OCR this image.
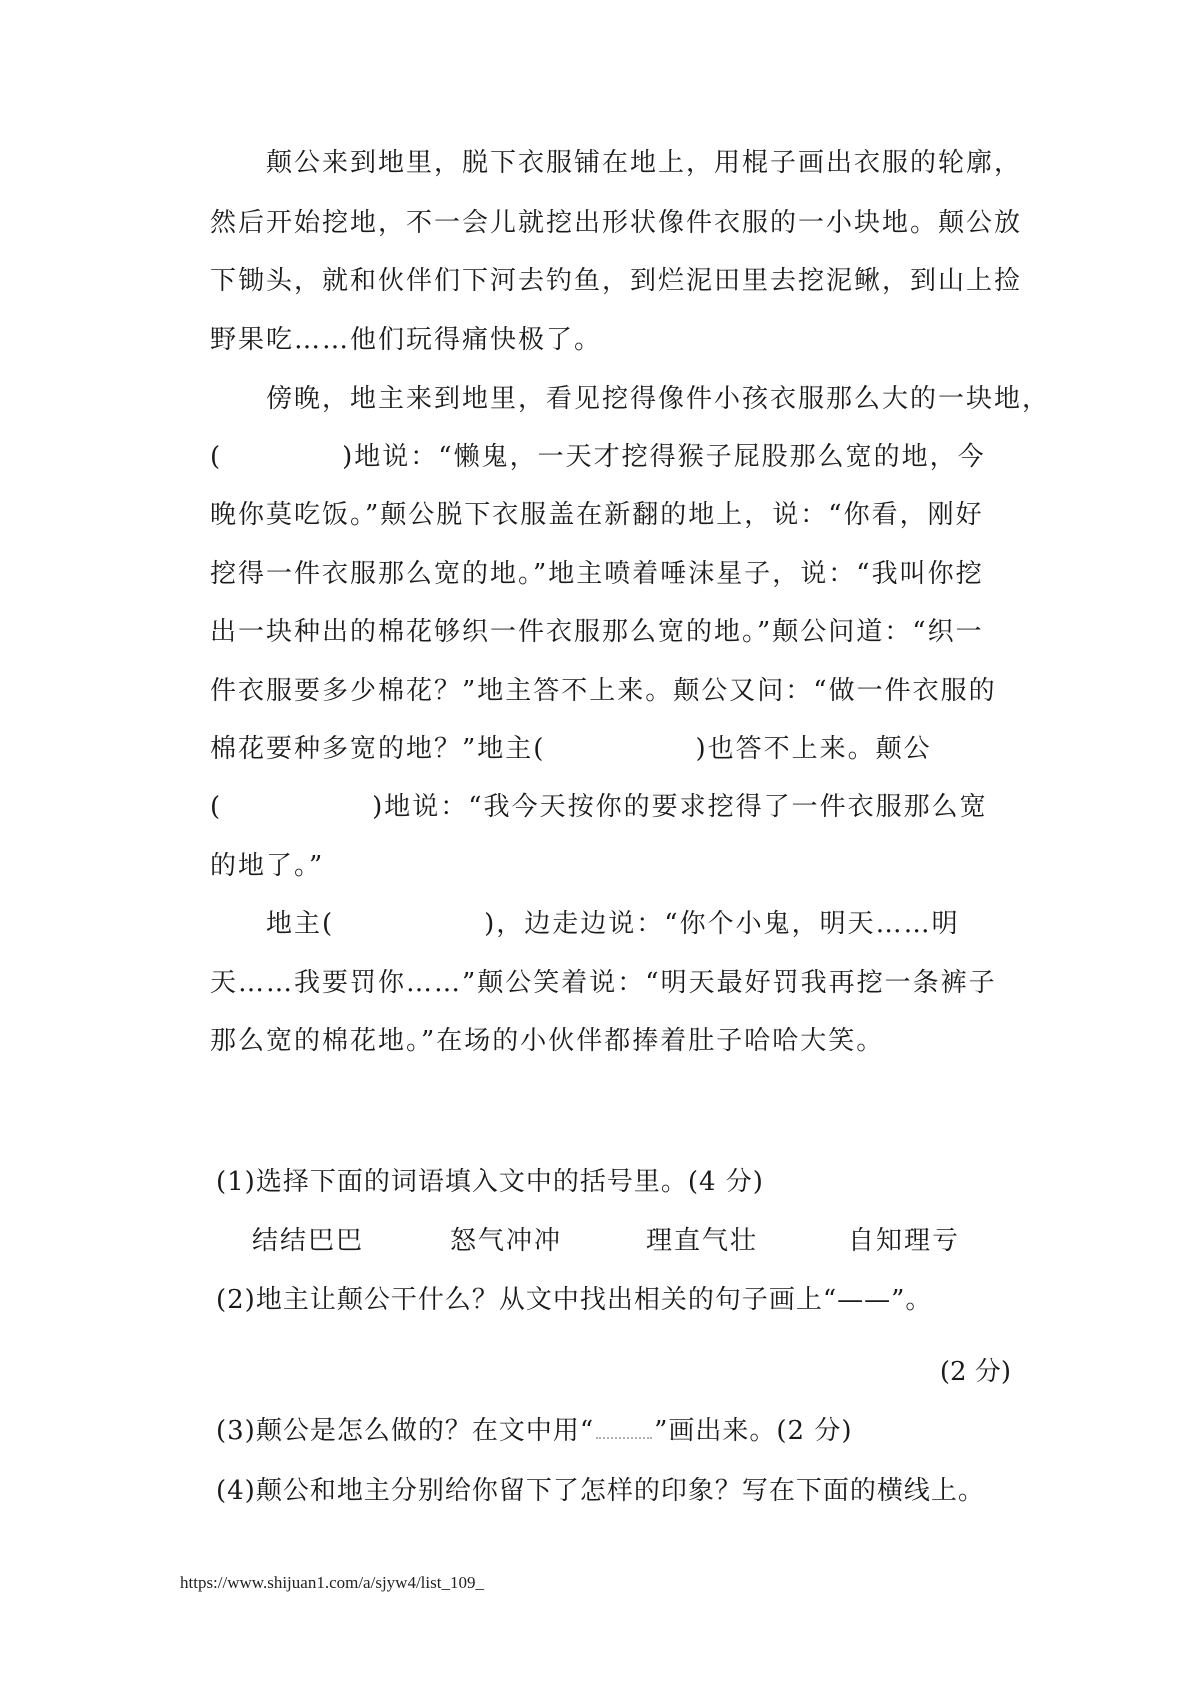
颠公来到地里，脱下衣服铺在地上，用棍子画出衣服的轮廓，
然后开始挖地，不一会儿就挖出形状像件衣服的一小块地。颠公放
下锄头，就和伙伴们下河去钓鱼，到烂泥田里去挖泥鳅，到山上捡
野果吃……他们玩得痛快极了。
傍晚，地主来到地里，看见挖得像件小孩衣服那么大的一块地，
(	)地说：“懒鬼，一天才挖得猴子屁股那么宽的地，今
晚你莫吃饭。”颠公脱下衣服盖在新翻的地上，说：“你看，刚好
挖得一件衣服那么宽的地。”地主喷着唾沫星子，说：“我叫你挖
出一块种出的棉花够织一件衣服那么宽的地。”颠公问道：“织一
件衣服要多少棉花？”地主答不上来。颠公又问：“做一件衣服的
棉花要种多宽的地？”地主(	)也答不上来。颠公
(	)地说：“我今天按你的要求挖得了一件衣服那么宽
的地了。”
地主(	)，边走边说：“你个小鬼，明天……明
天……我要罚你……”颠公笑着说：“明天最好罚我再挖一条裤子
那么宽的棉花地。”在场的小伙伴都捧着肚子哈哈大笑。
(1)选择下面的词语填入文中的括号里。(4 分)
结结巴巴	怒气冲冲	理直气壮	自知理亏
(2)地主让颠公干什么？从文中找出相关的句子画上“——”。
(2 分)
(3)颠公是怎么做的？在文中用“ ”画出来。(2 分)
(4)颠公和地主分别给你留下了怎样的印象？写在下面的横线上。
https://www.shijuan1.com/a/sjyw4/list_109_
